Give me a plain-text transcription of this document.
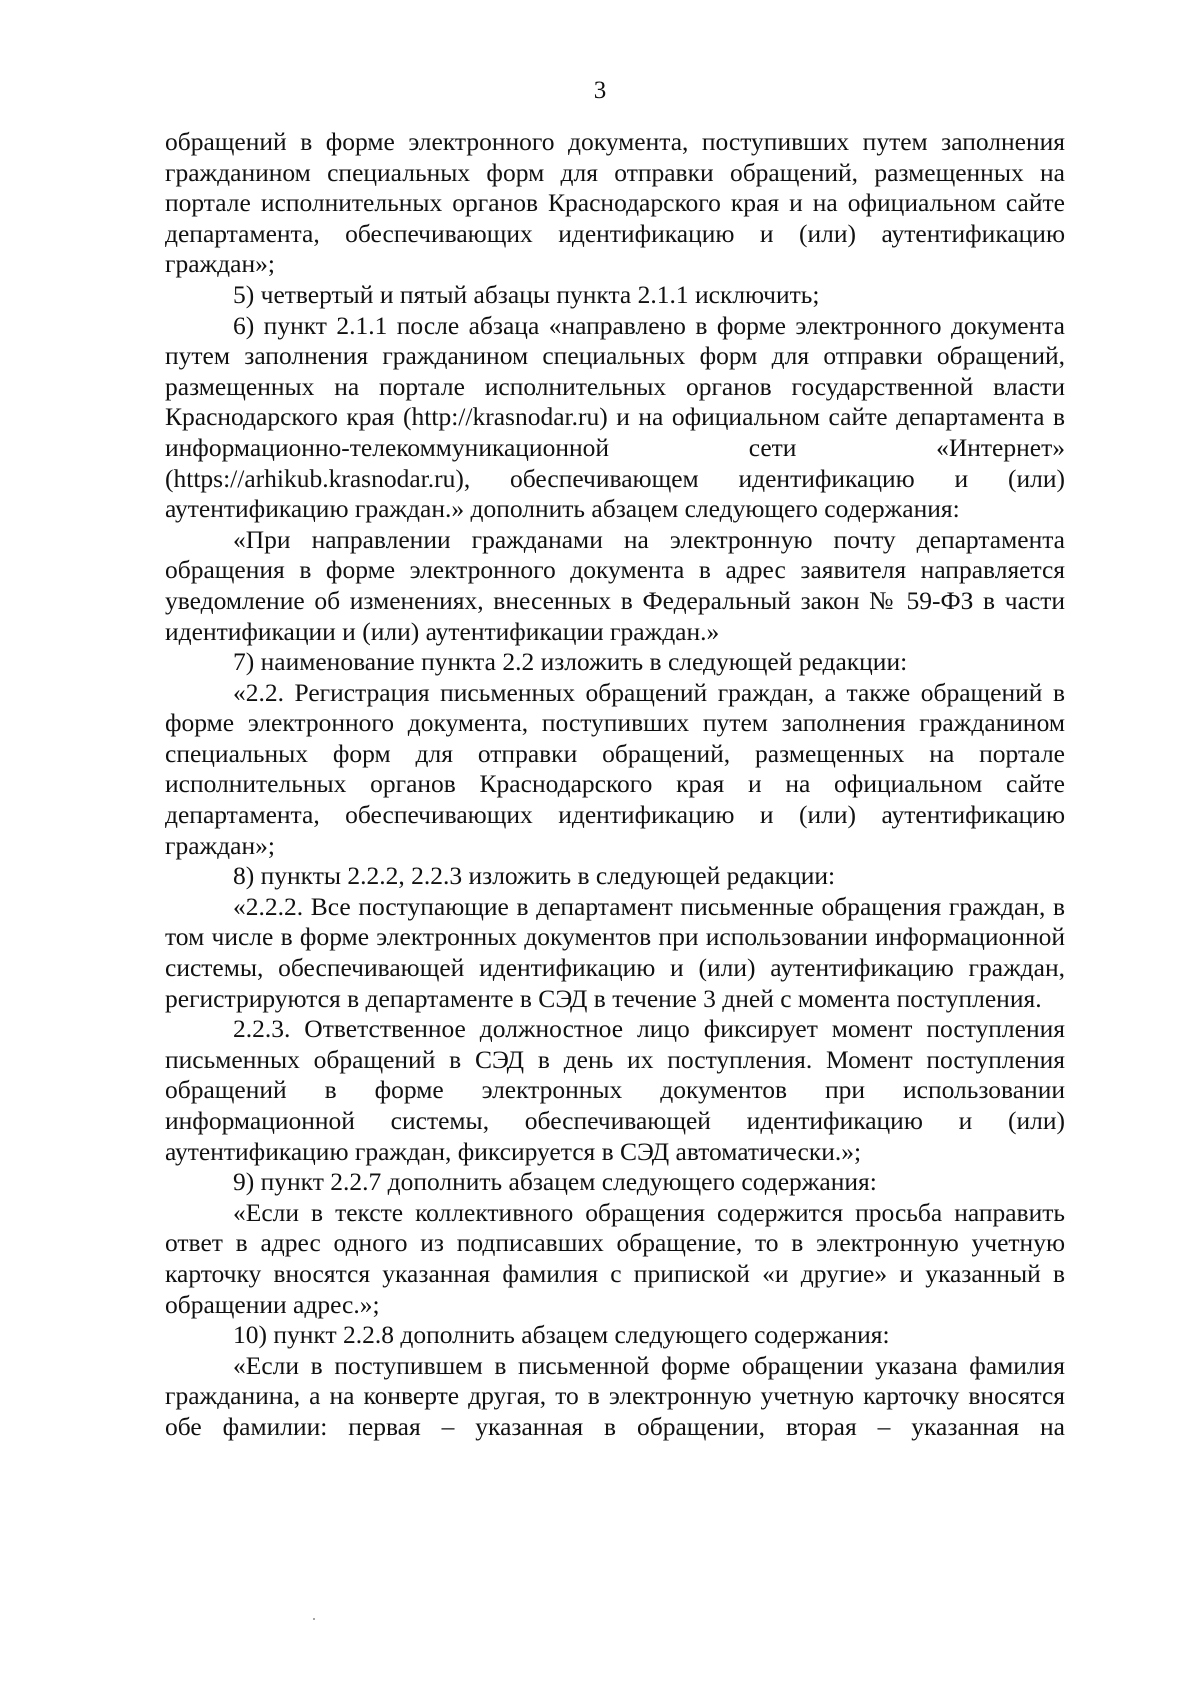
3

обращений в форме электронного документа, поступивших путем заполнения гражданином специальных форм для отправки обращений, размещенных на портале исполнительных органов Краснодарского края и на официальном сайте департамента, обеспечивающих идентификацию и (или) аутентификацию граждан»;

5) четвертый и пятый абзацы пункта 2.1.1 исключить;

6) пункт 2.1.1 после абзаца «направлено в форме электронного документа путем заполнения гражданином специальных форм для отправки обращений, размещенных на портале исполнительных органов государственной власти Краснодарского края (http://krasnodar.ru) и на официальном сайте департамента в информационно-телекоммуникационной сети «Интернет» (https://arhikub.krasnodar.ru), обеспечивающем идентификацию и (или) аутентификацию граждан.» дополнить абзацем следующего содержания:

«При направлении гражданами на электронную почту департамента обращения в форме электронного документа в адрес заявителя направляется уведомление об изменениях, внесенных в Федеральный закон № 59-ФЗ в части идентификации и (или) аутентификации граждан.»

7) наименование пункта 2.2 изложить в следующей редакции:

«2.2. Регистрация письменных обращений граждан, а также обращений в форме электронного документа, поступивших путем заполнения гражданином специальных форм для отправки обращений, размещенных на портале исполнительных органов Краснодарского края и на официальном сайте департамента, обеспечивающих идентификацию и (или) аутентификацию граждан»;

8) пункты 2.2.2, 2.2.3 изложить в следующей редакции:

«2.2.2. Все поступающие в департамент письменные обращения граждан, в том числе в форме электронных документов при использовании информационной системы, обеспечивающей идентификацию и (или) аутентификацию граждан, регистрируются в департаменте в СЭД в течение 3 дней с момента поступления.

2.2.3. Ответственное должностное лицо фиксирует момент поступления письменных обращений в СЭД в день их поступления. Момент поступления обращений в форме электронных документов при использовании информационной системы, обеспечивающей идентификацию и (или) аутентификацию граждан, фиксируется в СЭД автоматически.»;

9) пункт 2.2.7 дополнить абзацем следующего содержания:

«Если в тексте коллективного обращения содержится просьба направить ответ в адрес одного из подписавших обращение, то в электронную учетную карточку вносятся указанная фамилия с припиской «и другие» и указанный в обращении адрес.»;

10) пункт 2.2.8 дополнить абзацем следующего содержания:

«Если в поступившем в письменной форме обращении указана фамилия гражданина, а на конверте другая, то в электронную учетную карточку вносятся обе фамилии: первая – указанная в обращении, вторая – указанная на
